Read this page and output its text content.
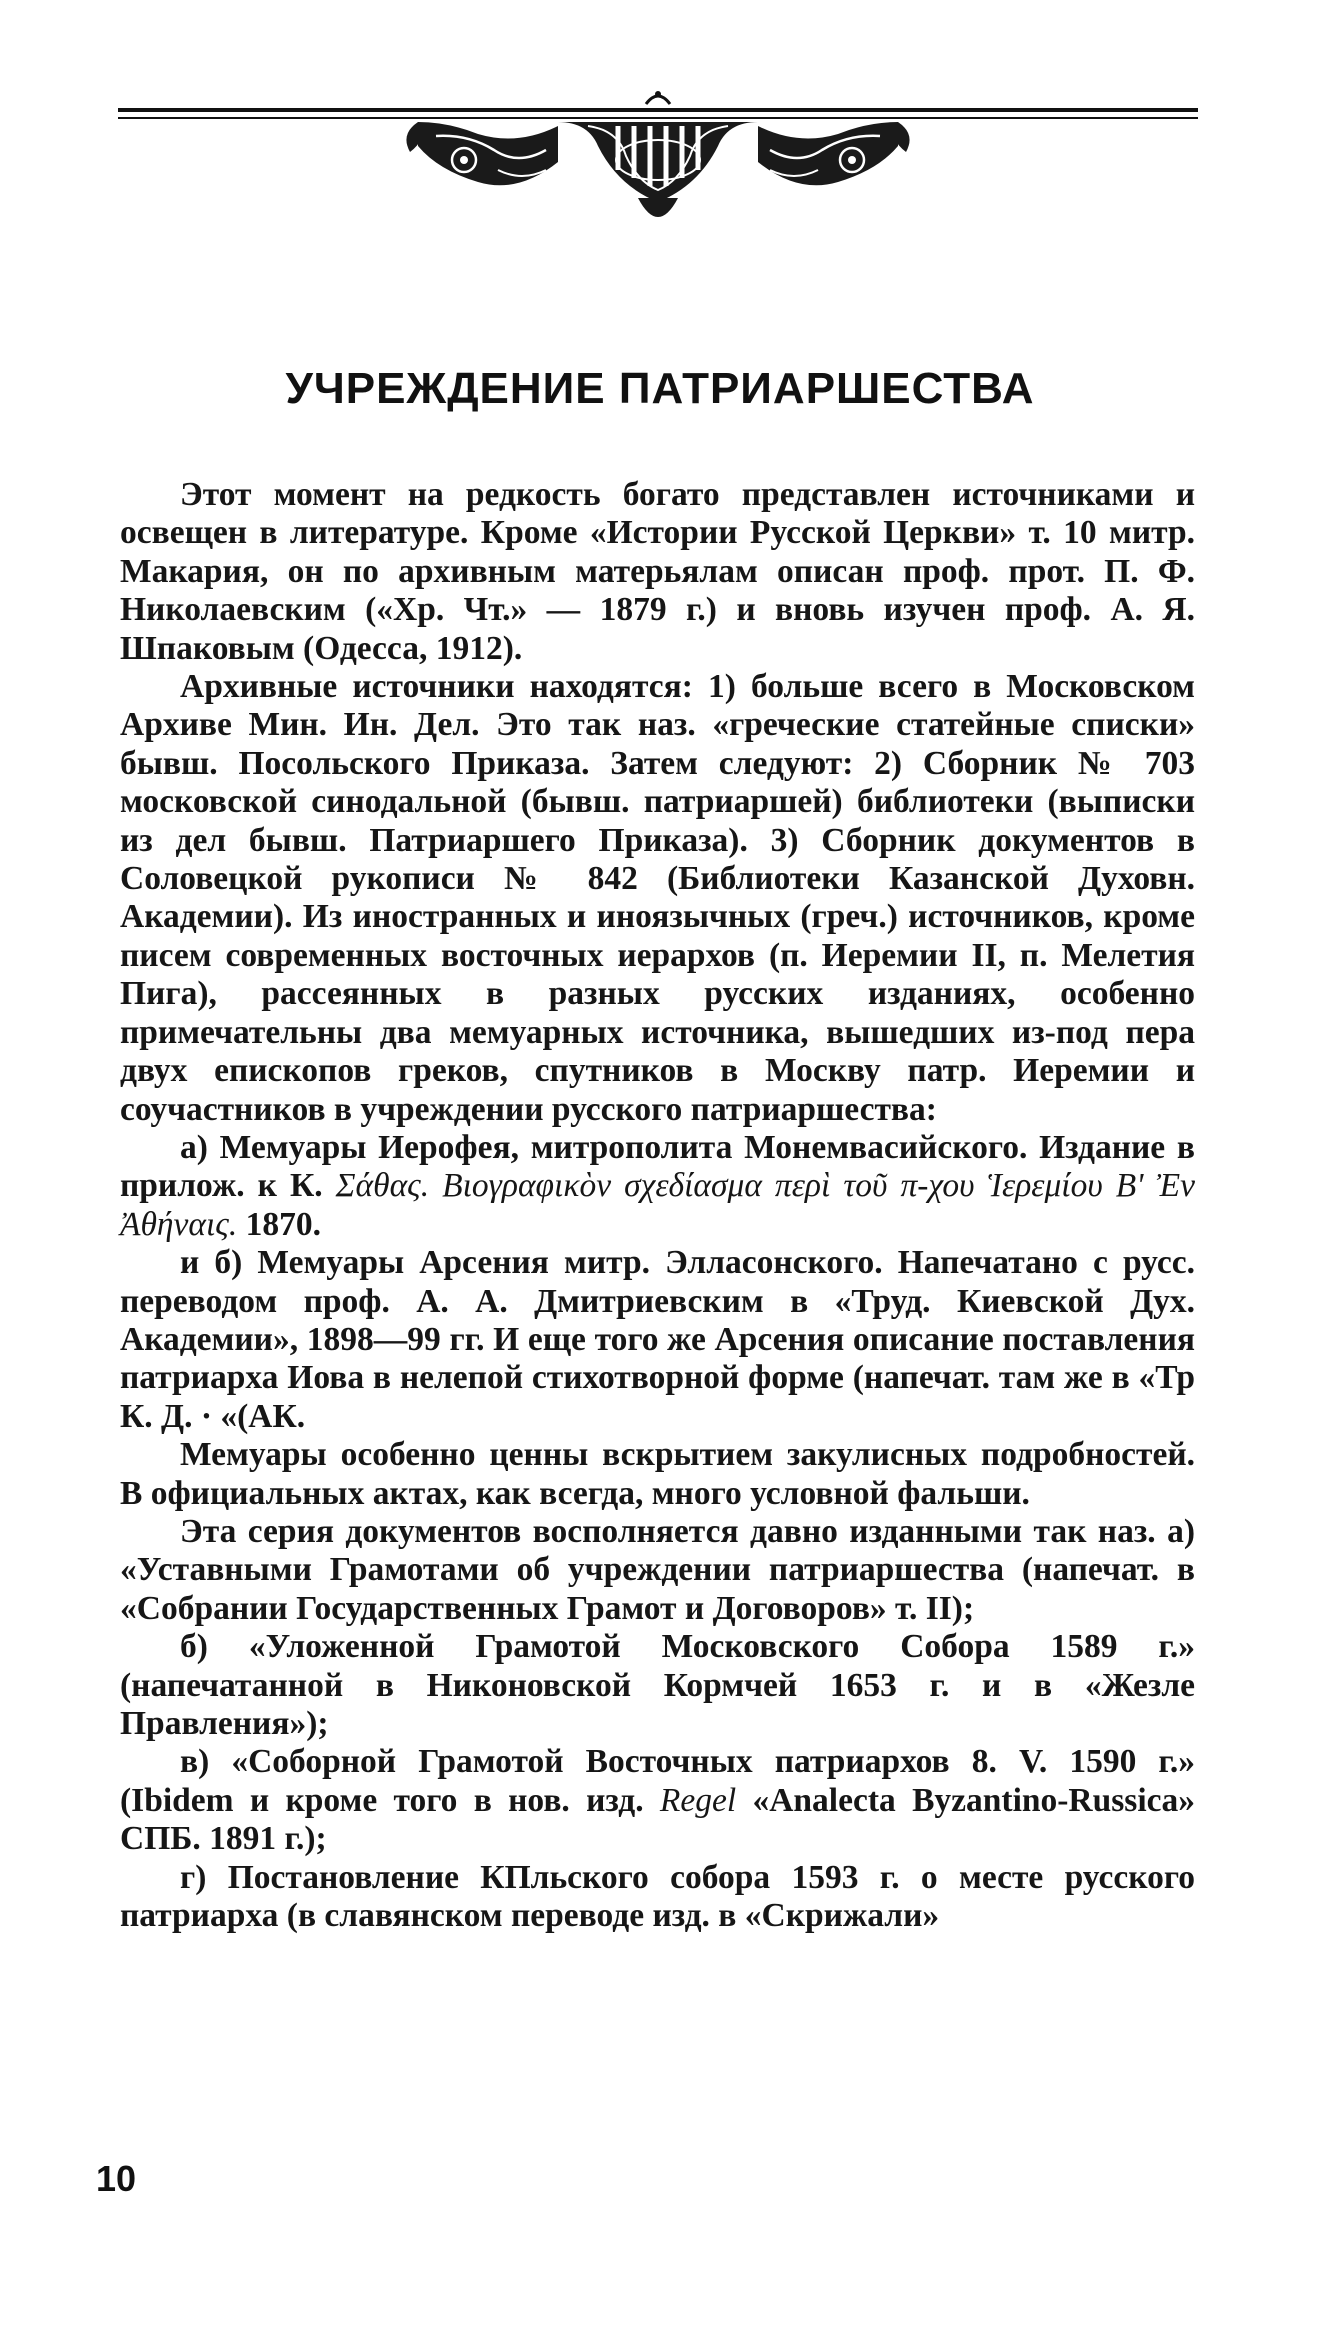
УЧРЕЖДЕНИЕ ПАТРИАРШЕСТВА

Этот момент на редкость богато представлен источниками и освещен в литературе. Кроме «Истории Русской Церкви» т. 10 митр. Макария, он по архивным матерьялам описан проф. прот. П. Ф. Николаевским («Хр. Чт.» — 1879 г.) и вновь изучен проф. А. Я. Шпаковым (Одесса, 1912).

Архивные источники находятся: 1) больше всего в Московском Архиве Мин. Ин. Дел. Это так наз. «греческие статейные списки» бывш. Посольского Приказа. Затем следуют: 2) Сборник № 703 московской синодальной (бывш. патриаршей) библиотеки (выписки из дел бывш. Патриаршего Приказа). 3) Сборник документов в Соловецкой рукописи № 842 (Библиотеки Казанской Духовн. Академии). Из иностранных и иноязычных (греч.) источников, кроме писем современных восточных иерархов (п. Иеремии II, п. Мелетия Пига), рассеянных в разных русских изданиях, особенно примечательны два мемуарных источника, вышедших из-под пера двух епископов греков, спутников в Москву патр. Иеремии и соучастников в учреждении русского патриаршества:

а) Мемуары Иерофея, митрополита Монемвасийского. Издание в прилож. к К. Σάθας. Βιογραφικὸν σχεδίασμα περὶ τοῦ π-χου Ἱερεμίου Β' Ἐν Ἀθήναις. 1870.

и б) Мемуары Арсения митр. Элласонского. Напечатано с русс. переводом проф. А. А. Дмитриевским в «Труд. Киевской Дух. Академии», 1898—99 гг. И еще того же Арсения описание поставления патриарха Иова в нелепой стихотворной форме (напечат. там же в «Тр К. Д. · «(АК.

Мемуары особенно ценны вскрытием закулисных подробностей. В официальных актах, как всегда, много условной фальши.

Эта серия документов восполняется давно изданными так наз. а) «Уставными Грамотами об учреждении патриаршества (напечат. в «Собрании Государственных Грамот и Договоров» т. II);

б) «Уложенной Грамотой Московского Собора 1589 г.» (напечатанной в Никоновской Кормчей 1653 г. и в «Жезле Правления»);

в) «Соборной Грамотой Восточных патриархов 8. V. 1590 г.» (Ibidem и кроме того в нов. изд. Regel «Analecta Byzantino-Russica» СПБ. 1891 г.);

г) Постановление КПльского собора 1593 г. о месте русского патриарха (в славянском переводе изд. в «Скрижали»

10
